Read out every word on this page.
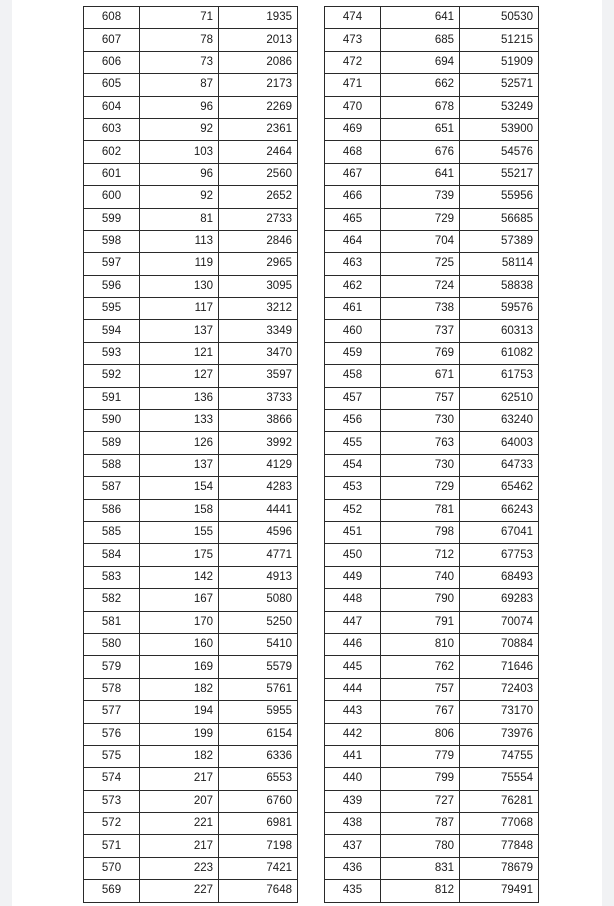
608	71	1935
607	78	2013
606	73	2086
605	87	2173
604	96	2269
603	92	2361
602	103	2464
601	96	2560
600	92	2652
599	81	2733
598	113	2846
597	119	2965
596	130	3095
595	117	3212
594	137	3349
593	121	3470
592	127	3597
591	136	3733
590	133	3866
589	126	3992
588	137	4129
587	154	4283
586	158	4441
585	155	4596
584	175	4771
583	142	4913
582	167	5080
581	170	5250
580	160	5410
579	169	5579
578	182	5761
577	194	5955
576	199	6154
575	182	6336
574	217	6553
573	207	6760
572	221	6981
571	217	7198
570	223	7421
569	227	7648
474	641	50530
473	685	51215
472	694	51909
471	662	52571
470	678	53249
469	651	53900
468	676	54576
467	641	55217
466	739	55956
465	729	56685
464	704	57389
463	725	58114
462	724	58838
461	738	59576
460	737	60313
459	769	61082
458	671	61753
457	757	62510
456	730	63240
455	763	64003
454	730	64733
453	729	65462
452	781	66243
451	798	67041
450	712	67753
449	740	68493
448	790	69283
447	791	70074
446	810	70884
445	762	71646
444	757	72403
443	767	73170
442	806	73976
441	779	74755
440	799	75554
439	727	76281
438	787	77068
437	780	77848
436	831	78679
435	812	79491
